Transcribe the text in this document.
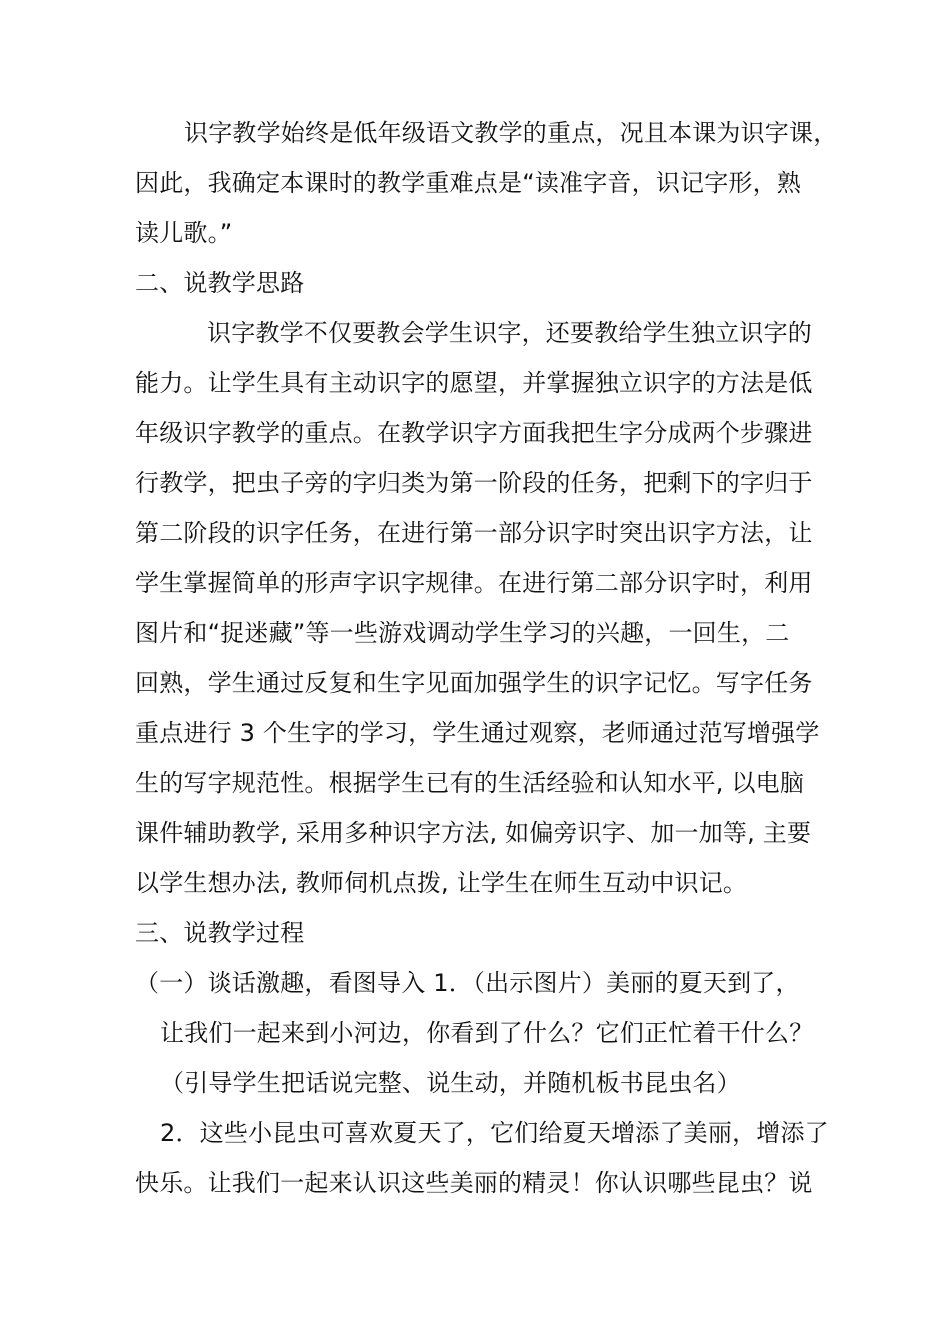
识字教学始终是低年级语文教学的重点，况且本课为识字课，
因此，我确定本课时的教学重难点是“读准字音，识记字形，熟
读儿歌。”
二、说教学思路
识字教学不仅要教会学生识字，还要教给学生独立识字的
能力。让学生具有主动识字的愿望，并掌握独立识字的方法是低
年级识字教学的重点。在教学识字方面我把生字分成两个步骤进
行教学，把虫子旁的字归类为第一阶段的任务，把剩下的字归于
第二阶段的识字任务，在进行第一部分识字时突出识字方法，让
学生掌握简单的形声字识字规律。在进行第二部分识字时，利用
图片和“捉迷藏”等一些游戏调动学生学习的兴趣，一回生，二
回熟，学生通过反复和生字见面加强学生的识字记忆。写字任务
重点进行 3 个生字的学习，学生通过观察，老师通过范写增强学
生的写字规范性。根据学生已有的生活经验和认知水平, 以电脑
课件辅助教学, 采用多种识字方法, 如偏旁识字、加一加等, 主要
以学生想办法, 教师伺机点拨, 让学生在师生互动中识记。
三、说教学过程
（一）谈话激趣，看图导入 1．（出示图片）美丽的夏天到了，
让我们一起来到小河边，你看到了什么？它们正忙着干什么？
（引导学生把话说完整、说生动，并随机板书昆虫名）
2．这些小昆虫可喜欢夏天了，它们给夏天增添了美丽，增添了
快乐。让我们一起来认识这些美丽的精灵！你认识哪些昆虫？说
